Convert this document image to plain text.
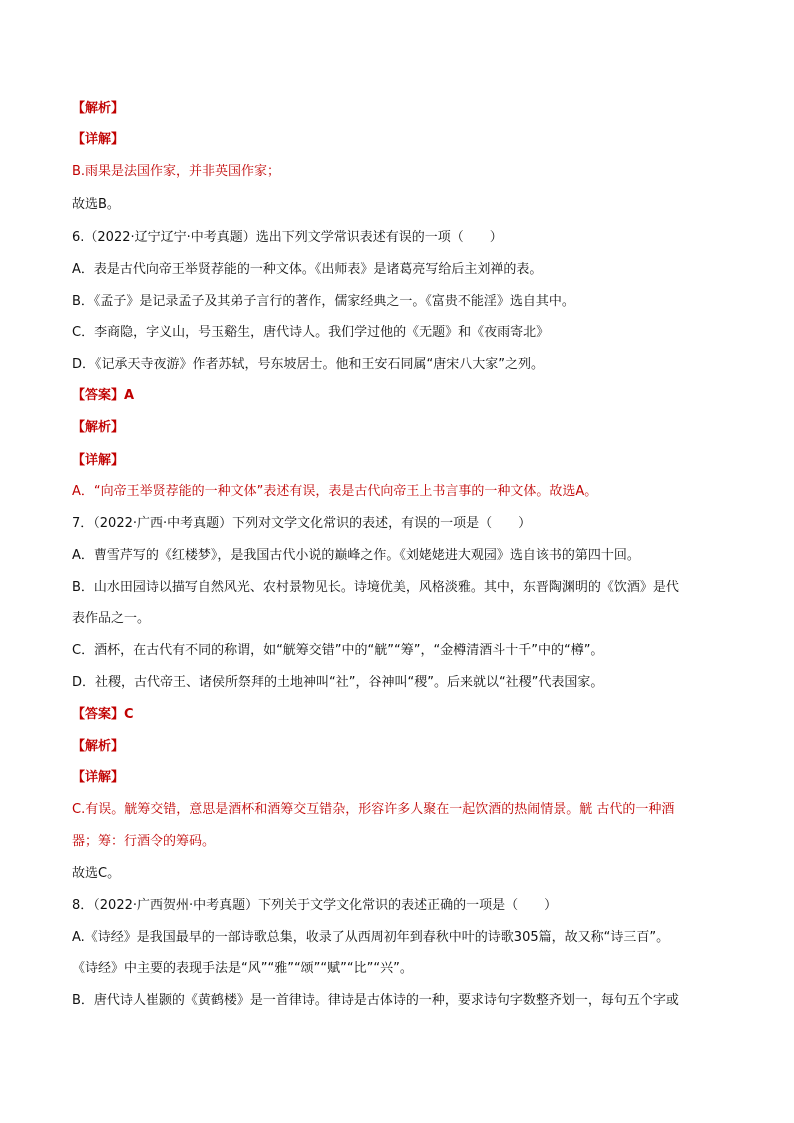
【解析】
【详解】
B.雨果是法国作家，并非英国作家；
故选B。
6.（2022·辽宁辽宁·中考真题）选出下列文学常识表述有误的一项（　　）
A．表是古代向帝王举贤荐能的一种文体。《出师表》是诸葛亮写给后主刘禅的表。
B．《孟子》是记录孟子及其弟子言行的著作，儒家经典之一。《富贵不能淫》选自其中。
C．李商隐，字义山，号玉谿生，唐代诗人。我们学过他的《无题》和《夜雨寄北》
D．《记承天寺夜游》作者苏轼，号东坡居士。他和王安石同属“唐宋八大家”之列。
【答案】A
【解析】
【详解】
A．“向帝王举贤荐能的一种文体”表述有误，表是古代向帝王上书言事的一种文体。故选A。
7．（2022·广西·中考真题）下列对文学文化常识的表述，有误的一项是（　　）
A．曹雪芹写的《红楼梦》，是我国古代小说的巅峰之作。《刘姥姥进大观园》选自该书的第四十回。
B．山水田园诗以描写自然风光、农村景物见长。诗境优美，风格淡雅。其中，东晋陶渊明的《饮酒》是代
表作品之一。
C．酒杯，在古代有不同的称谓，如“觥筹交错”中的“觥”“筹”，“金樽清酒斗十千”中的“樽”。
D．社稷，古代帝王、诸侯所祭拜的土地神叫“社”，谷神叫“稷”。后来就以“社稷”代表国家。
【答案】C
【解析】
【详解】
C.有误。觥筹交错，意思是酒杯和酒筹交互错杂，形容许多人聚在一起饮酒的热闹情景。觥 古代的一种酒
器；筹：行酒令的筹码。
故选C。
8．（2022·广西贺州·中考真题）下列关于文学文化常识的表述正确的一项是（　　）
A.《诗经》是我国最早的一部诗歌总集，收录了从西周初年到春秋中叶的诗歌305篇，故又称“诗三百”。
《诗经》中主要的表现手法是“风”“雅”“颂”“赋”“比”“兴”。
B．唐代诗人崔颢的《黄鹤楼》是一首律诗。律诗是古体诗的一种，要求诗句字数整齐划一，每句五个字或
